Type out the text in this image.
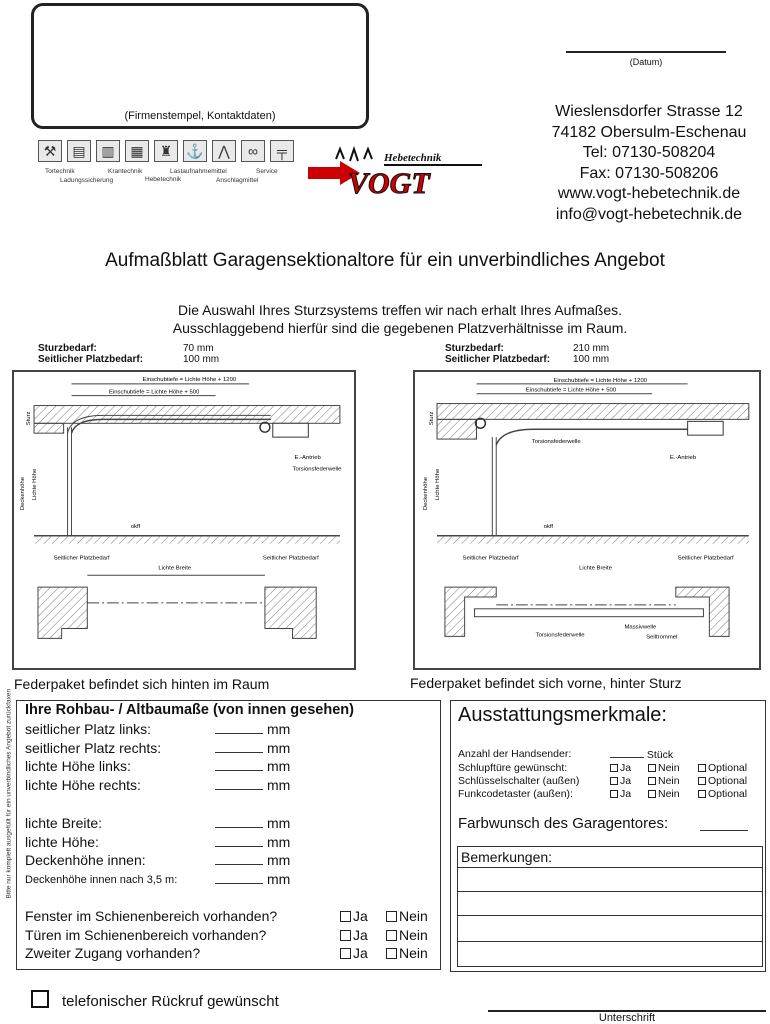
(Firmenstempel, Kontaktdaten)
(Datum)
Wieslensdorfer Strasse 12
74182 Obersulm-Eschenau
Tel: 07130-508204
Fax: 07130-508206
www.vogt-hebetechnik.de
info@vogt-hebetechnik.de
⚒	▤	▥	▦	♜	⚓	⋀	∞	╤
Tortechnik	Krantechnik	Lastaufnahmemittel	Service
Ladungssicherung	Hebetechnik	Anschlagmittel
Hebetechnik
VOGT
Aufmaßblatt Garagensektionaltore für ein unverbindliches Angebot
Die Auswahl Ihres Sturzsystems treffen wir nach erhalt Ihres Aufmaßes.
Ausschlaggebend hierfür sind die gegebenen Platzverhältnisse im Raum.
Sturzbedarf:	70 mm
Seitlicher Platzbedarf:	100 mm
Sturzbedarf:	210 mm
Seitlicher Platzbedarf: 100 mm
Einschubtiefe = Lichte Höhe + 1200
Einschubtiefe = Lichte Höhe + 500
Sturz
Deckenhöhe Lichte Höhe
E.-Antrieb
Torsionsfederwelle
okff
Seitlicher Platzbedarf
Lichte Breite
Seitlicher Platzbedarf
Einschubtiefe = Lichte Höhe + 1200
Einschubtiefe = Lichte Höhe + 500
Sturz
Deckenhöhe Lichte Höhe
Torsionsfederwelle
E.-Antrieb
okff
Seitlicher Platzbedarf
Lichte Breite
Seitlicher Platzbedarf
Torsionsfederwelle
Massivwelle
Seiltrommel
Federpaket befindet sich hinten im Raum	Federpaket befindet sich vorne, hinter Sturz
Bitte nur komplett ausgefüllt für ein unverbindliches Angebot zurückfaxen Ihre Rohbau- / Altbaumaße (von innen gesehen)
seitlicher Platz links:	mm
seitlicher Platz rechts:	mm
lichte Höhe links:	mm
lichte Höhe rechts:	mm
lichte Breite:	mm
lichte Höhe:	mm
Deckenhöhe innen:	mm
Deckenhöhe innen nach 3,5 m:	mm
Fenster im Schienenbereich vorhanden?	Ja	Nein
Türen im Schienenbereich vorhanden?	Ja	Nein
Zweiter Zugang vorhanden?	Ja	Nein
Ausstattungsmerkmale:
Anzahl der Handsender:	Stück
Schlupftüre gewünscht:	Ja	Nein	Optional
Schlüsselschalter (außen)	Ja	Nein	Optional
Funkcodetaster (außen):	Ja	Nein	Optional
Farbwunsch des Garagentores:
Bemerkungen:
telefonischer Rückruf gewünscht
Unterschrift
